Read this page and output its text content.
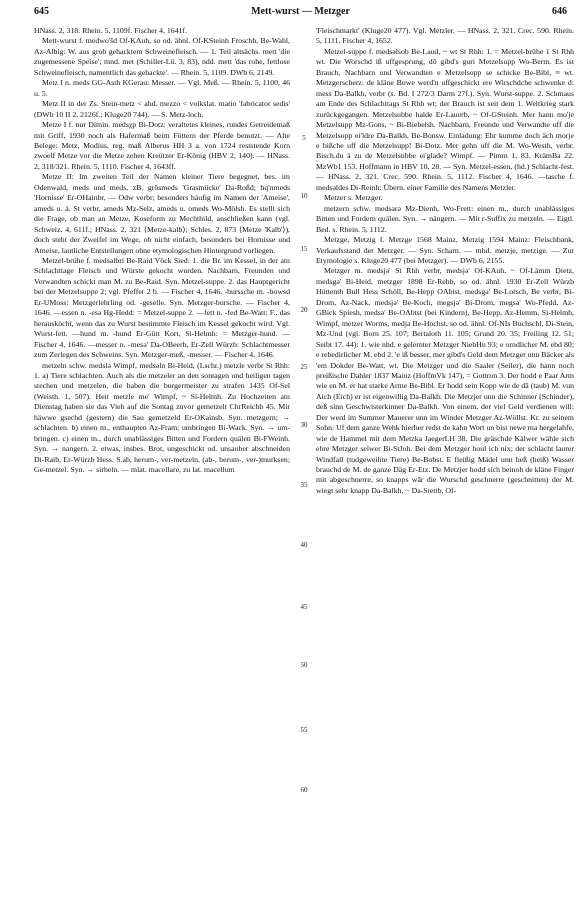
645	Mett-wurst — Metzger	646

HNass. 2, 318. Rhein. 5, 1109f. Fischer 4, 1641f.

Mett-wurst f. medwo'šd Of-KAuh, so od. ähnl. Of-KSteinh Froschh, Be-Wahl, Az-Albig: W. aus grob gehacktem Schweinefleisch. — 1. Teil altsächs. mett 'die zugemessene Speise'; mnd. met (Schiller-Lü. 3, 83), ndd. mett 'das rohe, fettlose Schweinefleisch, namentlich das gehackte'. — Rhein. 5, 1109. DWb 6, 2149.

Metz I n. meds GG-Asth KGerau: Messer. — Vgl. Meß. — Rhein. 5, 1100, 46 u. 5.

Metz II in der Zs. Stein-metz < ahd. mezzo < volkslat. matio 'fabricator sedis' (DWb 10 II 2. 2126f.; Kluge20 744). — S. Metz-loch.

Metze I f. nur Dimin. medsχp Bi-Dotz: veraltetes kleines, rundes Getreidemaß mit Griff, 1930 noch als Hafermaß beim Füttern der Pferde benutzt. — Alte Belege: Metz, Modius, reg. maß Alberus HH 3 a. von 1724 reststende Korn zwoelf Metze vor die Metze zehen Kreützer Er-König (HBV 2, 140). — HNass. 2, 318/321. Rhein. 5, 1110. Fischer 4, 1643ff.

Metze II: Im zweiten Teil der Namen kleiner Tiere begegnet, bes. im Odenwald, meds und meds, zB. grōsmeds 'Grasmücke' Da-Roßd; hq'nmeds 'Hornisse' Er-OHainbr, — Odw verbr; besonders häufig im Namen der 'Ameise', ameds u. ä. St verbr, ameds Mz-Selz, ameds u. omeds Wo-Mölsh. Es stellt sich die Frage, ob man an Metze, Koseform zu Mechthild, anschließen kann (vgl. Schweiz. 4, 611f.; HNass. 2, 321 ⟨Metze-kalb⟩; Schles. 2, 873 ⟨Metze 'Kalb'⟩), doch steht der Zweifel im Wege, ob nicht einfach, besonders bei Hornisse und Ameise, lautliche Entstellungen ohne etymologischen Hintergrund vorliegen.

Metzel-brühe f. medsəlbri Be-Raid Vöck Sied: 1. die Br. im Kessel, in der am Schlachttage Fleisch und Würste gekocht wurden. Nachbarn, Freunden und Verwandten schickt man M. zu Be-Raid. Syn. Metzel-suppe. 2. das Hauptgericht bei der Metzelsuppe 2; vgl. Pfeffer 2 b. — Fischer 4, 1646. -burssche m. -bowsd Er-UMoss: Metzgerlehrling od. -geselle. Syn. Metzger-bursche. — Fischer 4, 1646. —essen n. -esə Hg-Hedd: = Metzel-suppe 2. —fett n. -fed Be-Watt: F., das herausköcht, wenn das zu Wurst bestimmte Fleisch im Kessel gekocht wird. Vgl. Wurst-fett. —hund m. -hund Er-Gütt Kort, Si-Helmh: = Metzger-hund. — Fischer 4, 1646. —messer n. -mesə' Da-OBeerb, Er-Zell Würzb: Schlachtmesser zum Zerlegen des Schweins. Syn. Metzger-meß, -messer. — Fischer 4, 1646.

metzeln schw. medslə Wimpf, medsəln Bi-Heid, (Lschr.) metzle verbr St Rhh: 1. a) Tiere schlachten. Auch als die metzeler an den sontagen und heiligen tagen stechen und metzelen, die haben die burgermeister zu strafen 1435 Of-Sel (Weisth. 1, 507). Heit metzle me' Wimpf, ~ Si-Helmh. Zu Hochzeiten am Dienstag haben sie das Vieh auf die Sontag zuvor gemetzelt ChrReichb 45. Mir häwwe gsechd (gestern) die Sau gemetzeld Er-OKainsb. Syn. metzgern; → schlachten. b) einen m., enthaupten Az-Fram; umbringen Bi-Wack. Syn. → um-bringen. c) einen m., durch unablässiges Bitten und Fordern quälen Bi-FWeinh. Syn. → nangern. 2. etwas, insbes. Brot, ungeschickt od. unsauber abschneiden Di-Raib, Er-Würzb Hess. S.ab, herum-, ver-metzeln, (ab-, herum-, ver-)murksen; Ge-metzel. Syn. → sirbeln. — mlat. macellare, zu lat. macellum

5
10
15
20
25
30
35
40
45
50
55
60

'Fleischmarkt' (Kluge20 477). Vgl. Metzler. — HNass. 2, 321. Crec. 590. Rhein. 5, 1111. Fischer 4, 1652.

Metzel-suppe f. medsəlsob Be-Laud, ~ wt St Rhh: 1. = Metzel-brühe 1 St Rhh wt. Die Worschd iß uffgesprung, dō gibd's guri Metzelsupp Wo-Berm. Es ist Brauch, Nachbarn und Verwandten e Metzelsopp se schicke Be-Bibl, ≈ wt. Metzgerscherz: de kläne Buwe werd'n uffgeschickt ere Wirschdche schwenke d: mess Da-Balkh, verbr (s. Bd. I 272/3 Darm 27f.). Syn. Wurst-suppe. 2. Schmaus am Ende des Schlachttags St Rhh wt; der Brauch ist seit dem 1. Weltkrieg stark zurückgegangen. Metzelsubbe halde Er-Lauerb, ~ Of-GSteinh. Mer hann mo'je Metzelsupp Mz-Gons, ~ Bi-Biebelsh. Nachbarn, Freunde und Verwandte uff die Metzelsopp ei'ldre Da-Balkh, Be-Bonsw. Einladung: Ehr kumme doch äch morje e bißche uff die Metzelsupp! Bi-Dotz. Mer gehn uff die M. Wo-Westh, verbr. Bisch.du ä zu de Metzelsubbe ei'glade? Wimpf. — Pimm 1, 83. KrämBa 22. MzWb1 153. Hoffmann in HBV 10, 28. — Syn. Metzel-essen, (hd.) Schlacht-fest. — HNass. 2, 321. Crec. 590. Rhein. 5, 1112. Fischer 4, 1646. —tasche f. medsəldes Di-Reinh: Übern. einer Familie des Namens Metzler.

Metzer s. Metzger.

metzern schw. medsərə Mz-Dienh, Wo-Frett: einen m., durch unablässiges Bitten und Fordern quälen. Syn. → nängern. — Mit r-Suffix zu metzeln. — Eigtl. Bed. s. Rhein. 5, 1112.

Metzge, Metzig f. Metzge 1568 Mainz, Metzig 1594 Mainz: Fleischbank, Verkaufsstand der Metzger. — Syn. Scharn. — mhd. metzje, metzige. — Zur Etymologie s. Kluge20 477 (bei Metzger). — DWb 6, 2155.

Metzger m. medsjə' St Rhh verbr, medsjə' Of-KAuh, ~ Of-Lämm Dietz, medsgə' Bi-Heid, metzger 1898 Er-Rehb, so od. ähnl. 1930 Er-Zell Würzb Hüttenth Bull Hess Schöll, Be-Hepp OAbtst, medsgə' Be-Lorsch, Be verbr, Bi-Drom, Az-Nack, medsjə' Be-Koch, megsjə' Bi-Drom, megsə' Wo-Pfedd, Az-GBick Spiesh, medsə' Be-OAbtst (bei Kindern), Be-Hepp, Az-Hemm, Si-Helmh, Wimpf, metzer Worms, medjə Be-Hochst, so od. ähnl. Of-NIs Buchschl, Di-Stein, Mz-Und (vgl. Born 25. 107; Bertaloth 11. 105; Grund 20. 35; Freiling 12. 51; Seibt 17. 44): 1. wie nhd. e gelernter Metzger NiebHu 93; e orndlicher M. ebd 80; e rebedirlicher M. ebd 2. 'e iß besser, mer gibd's Geld dem Metzger unn Bäcker als 'em Dokder Be-Watt, wt. Die Metzger und die Saaler (Seiler), die hann noch preißische Dahler 1837 Mainz (HoffmVk 147), = Gottron 3. Der hodd e Paar Arm wie en M. er hat starke Arme Be-Bibl. Er hodd sein Kopp wie de dā (taub) M. vun Aich (Eich) er ist eigenwillig Da-Balkh. Die Metzjer unn die Schinner (Schinder), deß sinn Geschwisterkinner Da-Balkh. Von einem, der viel Geld verdienen will: Der werd im Summer Mauerer unn im Winder Metzger Az-Wöllst. Kr. zu seinem Sohn: Uf dem ganze Wehk hierher redst de kahn Wort un bist newe ma hergelahfe, wie de Hammel mit dem Metzka JaegerLH 38. Die gräschde Kälwer wähle sich ehre Metzger selwer Bi-StJoh. Bei dem Metzger houl ich nix; der schlacht laurer Windfall (todgeweihte Tiere) Be-Bobst. E fleißig Mädel unn heß (heiß) Wasser brauchd de M. de ganze Däg Er-Etz. De Metzjer hodd sich beinoh de kläne Finger mit abgeschnerre, so knapps wār die Wurschd geschnerre (geschnitten) der M. wiegt sehr knapp Da-Balkh, ~ Da-Stettb, Of-
